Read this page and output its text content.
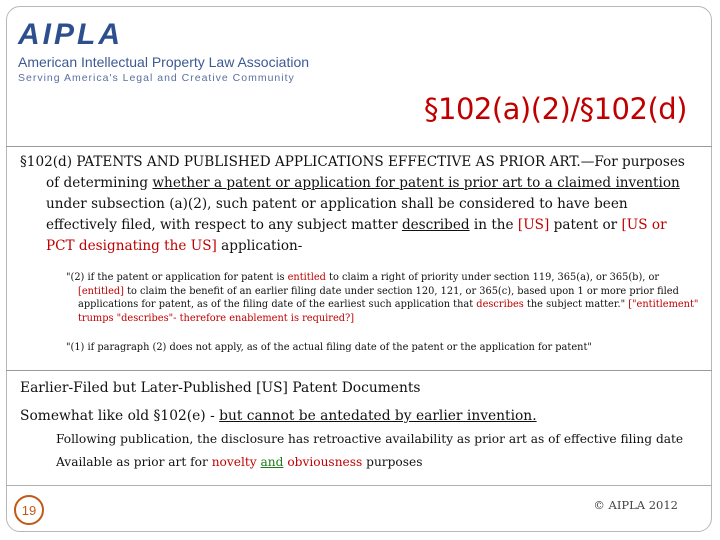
AIPLA
American Intellectual Property Law Association
Serving America's Legal and Creative Community
§102(a)(2)/§102(d)
§102(d) PATENTS AND PUBLISHED APPLICATIONS EFFECTIVE AS PRIOR ART.—For purposes of determining whether a patent or application for patent is prior art to a claimed invention under subsection (a)(2), such patent or application shall be considered to have been effectively filed, with respect to any subject matter described in the [US] patent or [US or PCT designating the US] application-
"(2) if the patent or application for patent is entitled to claim a right of priority under section 119, 365(a), or 365(b), or [entitled] to claim the benefit of an earlier filing date under section 120, 121, or 365(c), based upon 1 or more prior filed applications for patent, as of the filing date of the earliest such application that describes the subject matter." ["entitlement" trumps "describes"- therefore enablement is required?]
"(1) if paragraph (2) does not apply, as of the actual filing date of the patent or the application for patent"
Earlier-Filed but Later-Published [US] Patent Documents
Somewhat like old §102(e) - but cannot be antedated by earlier invention.
Following publication, the disclosure has retroactive availability as prior art as of effective filing date
Available as prior art for novelty and obviousness purposes
19	© AIPLA 2012
